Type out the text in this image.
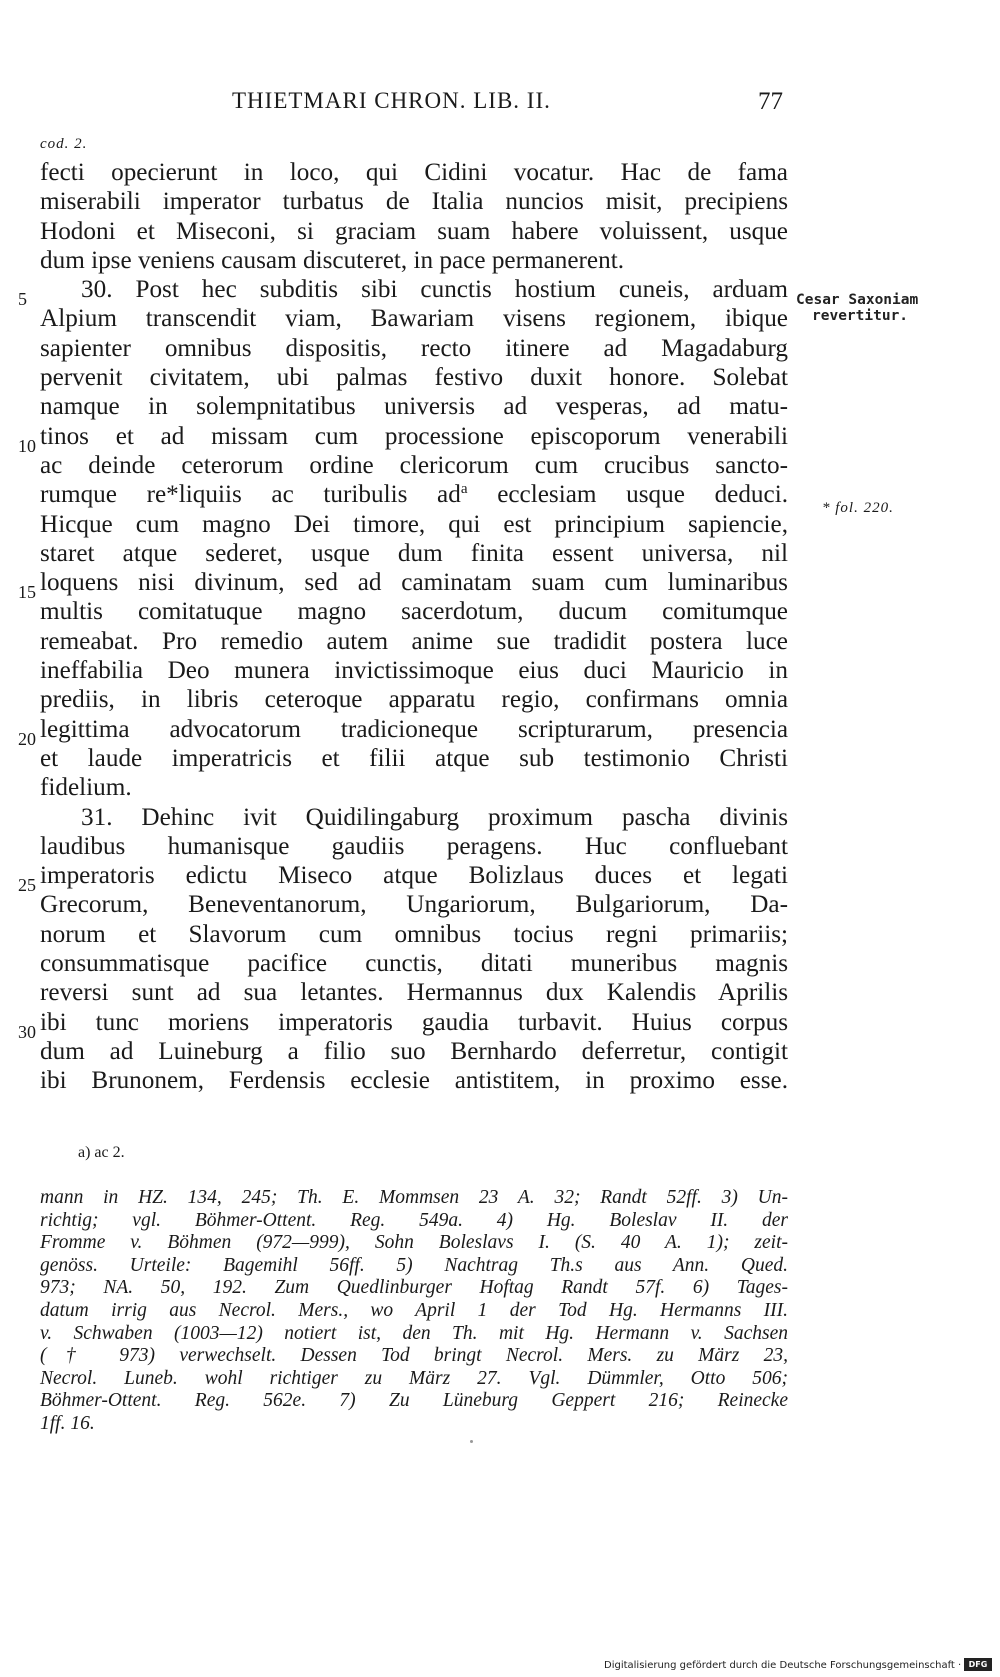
THIETMARI CHRON. LIB. II.	77
cod. 2.
fecti opecierunt in loco, qui Cidini vocatur. Hac de fama
miserabili imperator turbatus de Italia nuncios misit, precipiens
Hodoni et Miseconi, si graciam suam habere voluissent, usque
dum ipse veniens causam discuteret, in pace permanerent.
30. Post hec subditis sibi cunctis hostium cuneis, arduam
Alpium transcendit viam, Bawariam visens regionem, ibique
sapienter omnibus dispositis, recto itinere ad Magadaburg
pervenit civitatem, ubi palmas festivo duxit honore. Solebat
namque in solempnitatibus universis ad vesperas, ad matu-
tinos et ad missam cum processione episcoporum venerabili
ac deinde ceterorum ordine clericorum cum crucibus sancto-
rumque re*liquiis ac turibulis $ad^a$ ecclesiam usque deduci.
Hicque cum magno Dei timore, qui est principium sapiencie,
staret atque sederet, usque dum finita essent universa, nil
loquens nisi divinum, sed ad caminatam suam cum luminaribus
multis comitatuque magno sacerdotum, ducum comitumque
remeabat. Pro remedio autem anime sue tradidit postera luce
ineffabilia Deo munera invictissimoque eius duci Mauricio in
prediis, in libris ceteroque apparatu regio, confirmans omnia
legittima advocatorum tradicioneque scripturarum, presencia
et laude imperatricis et filii atque sub testimonio Christi
fidelium.
31. Dehinc ivit Quidilingaburg proximum pascha divinis
laudibus humanisque gaudiis peragens. Huc confluebant
imperatoris edictu Miseco atque Bolizlaus duces et legati
Grecorum, Beneventanorum, Ungariorum, Bulgariorum, Da-
norum et Slavorum cum omnibus tocius regni primariis;
consummatisque pacifice cunctis, ditati muneribus magnis
reversi sunt ad sua letantes. Hermannus dux Kalendis Aprilis
ibi tunc moriens imperatoris gaudia turbavit. Huius corpus
dum ad Luineburg a filio suo Bernhardo deferretur, contigit
ibi Brunonem, Ferdensis ecclesie antistitem, in proximo esse.
5
10
15
20
25
30
Cesar Saxoniam
revertitur.
* fol. 220.
a) ac 2.
mann in HZ. 134, 245; Th. E. Mommsen 23 A. 32; Randt 52ff. 3) Un-
richtig; vgl. Böhmer-Ottent. Reg. 549a. 4) Hg. Boleslav II. der
Fromme v. Böhmen (972—999), Sohn Boleslavs I. (S. 40 A. 1); zeit-
genöss. Urteile: Bagemihl 56ff. 5) Nachtrag Th.s aus Ann. Qued.
973; NA. 50, 192. Zum Quedlinburger Hoftag Randt 57f. 6) Tages-
datum irrig aus Necrol. Mers., wo April 1 der Tod Hg. Hermanns III.
v. Schwaben (1003—12) notiert ist, den Th. mit Hg. Hermann v. Sachsen
(† 973) verwechselt. Dessen Tod bringt Necrol. Mers. zu März 23,
Necrol. Luneb. wohl richtiger zu März 27. Vgl. Dümmler, Otto 506;
Böhmer-Ottent. Reg. 562e. 7) Zu Lüneburg Geppert 216; Reinecke
1ff. 16.
Digitalisierung gefördert durch die Deutsche Forschungsgemeinschaft · DFG
